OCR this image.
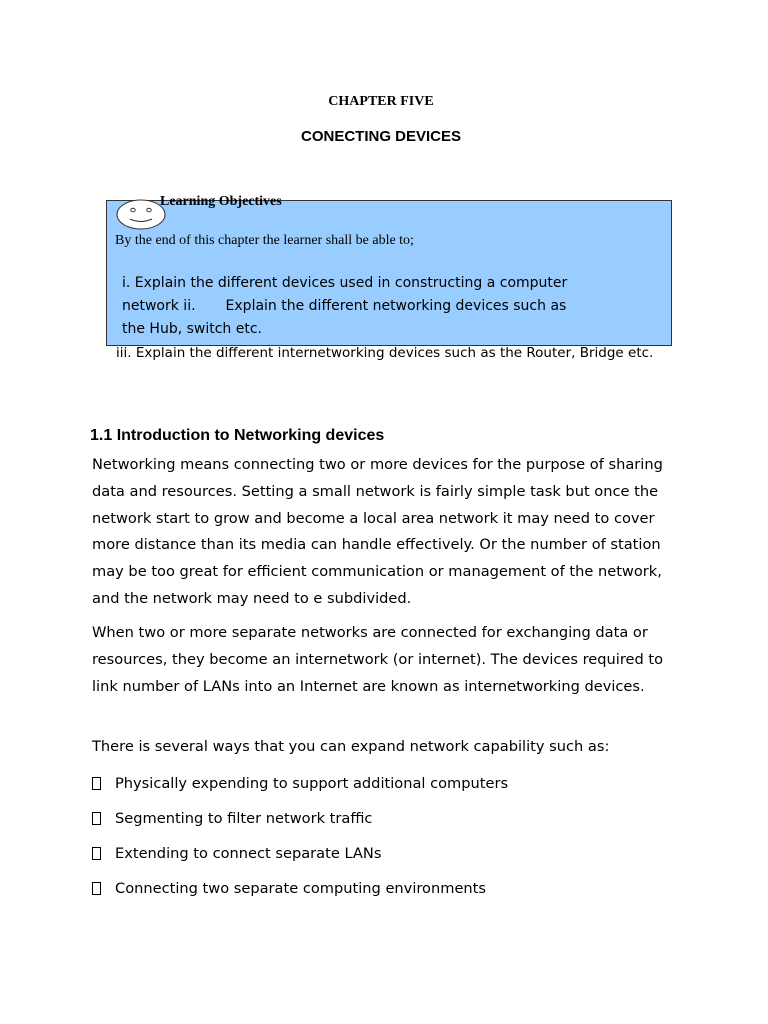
CHAPTER FIVE
CONECTING DEVICES
Learning Objectives
By the end of this chapter the learner shall be able to;
i. Explain the different devices used in constructing a computer
network ii. Explain the different networking devices such as
the Hub, switch etc.
iii. Explain the different internetworking devices such as the Router, Bridge etc.
1.1 Introduction to Networking devices

Networking means connecting two or more devices for the purpose of sharing data and resources. Setting a small network is fairly simple task but once the network start to grow and become a local area network it may need to cover more distance than its media can handle effectively. Or the number of station may be too great for efficient communication or management of the network, and the network may need to e subdivided.

When two or more separate networks are connected for exchanging data or resources, they become an internetwork (or internet). The devices required to link number of LANs into an Internet are known as internetworking devices.

There is several ways that you can expand network capability such as:

Physically expending to support additional computers
Segmenting to filter network traffic
Extending to connect separate LANs
Connecting two separate computing environments
